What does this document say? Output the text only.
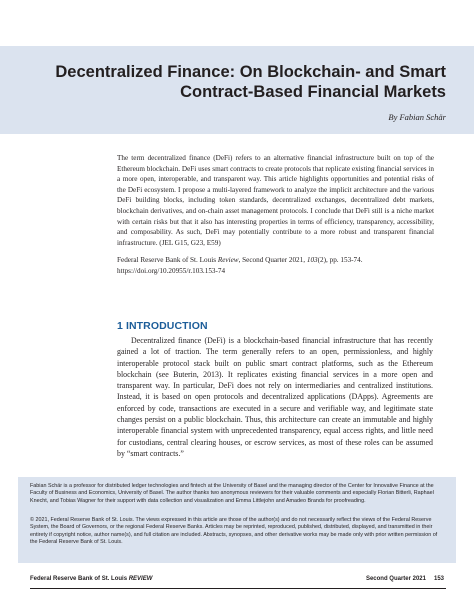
Decentralized Finance: On Blockchain- and Smart Contract-Based Financial Markets
By Fabian Schär

The term decentralized finance (DeFi) refers to an alternative financial infrastructure built on top of the Ethereum blockchain. DeFi uses smart contracts to create protocols that replicate existing financial services in a more open, interoperable, and transparent way. This article highlights opportunities and potential risks of the DeFi ecosystem. I propose a multi-layered framework to analyze the implicit architecture and the various DeFi building blocks, including token standards, decentralized exchanges, decentralized debt markets, blockchain derivatives, and on-chain asset management protocols. I conclude that DeFi still is a niche market with certain risks but that it also has interesting properties in terms of efficiency, transparency, accessibility, and composability. As such, DeFi may potentially contribute to a more robust and transparent financial infrastructure. (JEL G15, G23, E59)

Federal Reserve Bank of St. Louis Review, Second Quarter 2021, 103(2), pp. 153-74.
https://doi.org/10.20955/r.103.153-74

1 INTRODUCTION

Decentralized finance (DeFi) is a blockchain-based financial infrastructure that has recently gained a lot of traction. The term generally refers to an open, permissionless, and highly interoperable protocol stack built on public smart contract platforms, such as the Ethereum blockchain (see Buterin, 2013). It replicates existing financial services in a more open and transparent way. In particular, DeFi does not rely on intermediaries and centralized institutions. Instead, it is based on open protocols and decentralized applications (DApps). Agreements are enforced by code, transactions are executed in a secure and verifiable way, and legitimate state changes persist on a public blockchain. Thus, this architecture can create an immutable and highly interoperable financial system with unprecedented transparency, equal access rights, and little need for custodians, central clearing houses, or escrow services, as most of these roles can be assumed by “smart contracts.”

Fabian Schär is a professor for distributed ledger technologies and fintech at the University of Basel and the managing director of the Center for Innovative Finance at the Faculty of Business and Economics, University of Basel. The author thanks two anonymous reviewers for their valuable comments and especially Florian Bitterli, Raphael Knecht, and Tobias Wagner for their support with data collection and visualization and Emma Littlejohn and Amadeo Brands for proofreading.

© 2021, Federal Reserve Bank of St. Louis. The views expressed in this article are those of the author(s) and do not necessarily reflect the views of the Federal Reserve System, the Board of Governors, or the regional Federal Reserve Banks. Articles may be reprinted, reproduced, published, distributed, displayed, and transmitted in their entirety if copyright notice, author name(s), and full citation are included. Abstracts, synopses, and other derivative works may be made only with prior written permission of the Federal Reserve Bank of St. Louis.

Federal Reserve Bank of St. Louis REVIEW	Second Quarter 2021 153
